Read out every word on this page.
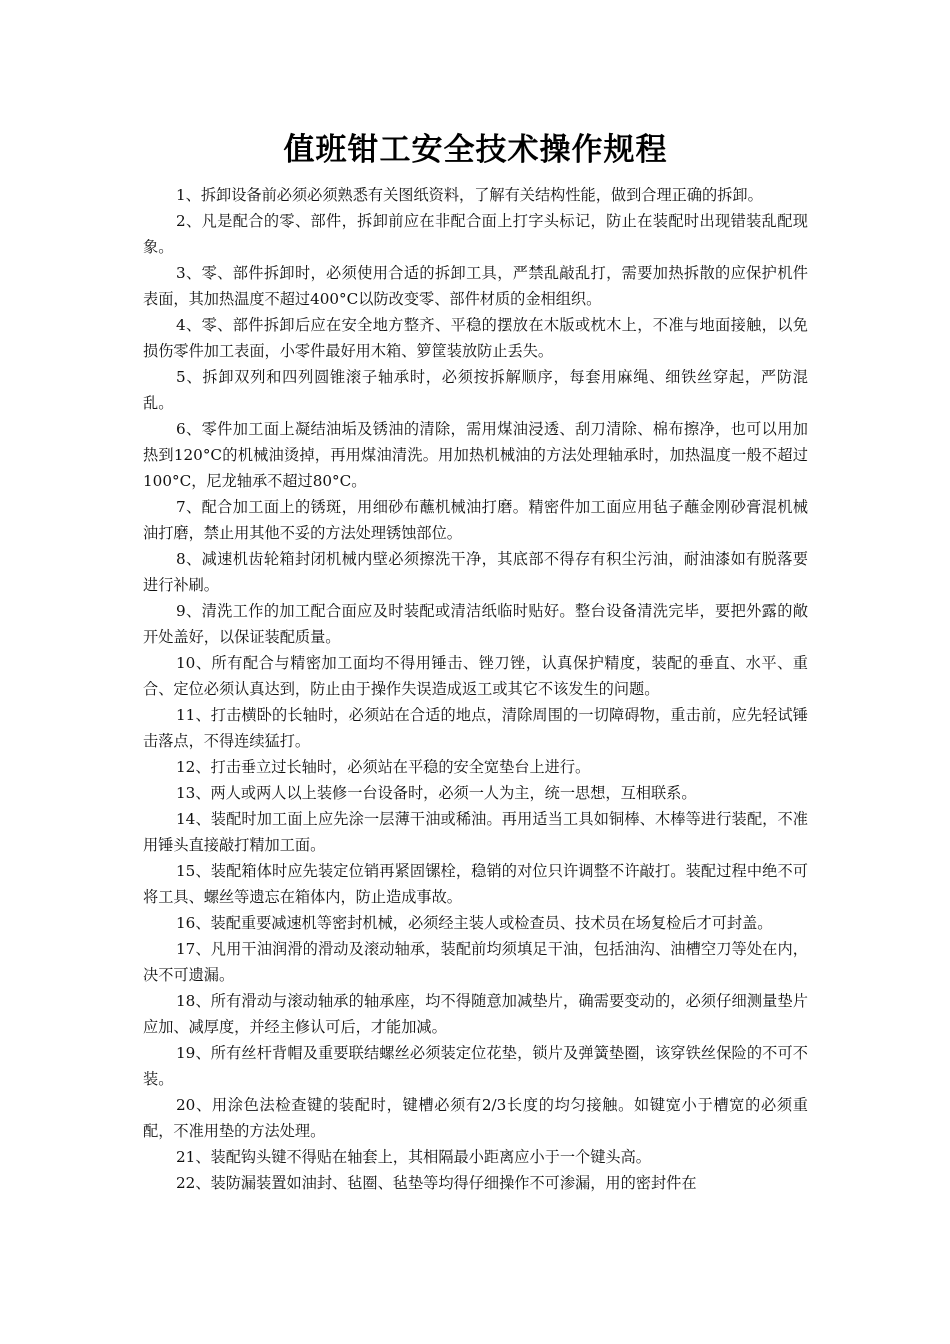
值班钳工安全技术操作规程

1、拆卸设备前必须必须熟悉有关图纸资料，了解有关结构性能，做到合理正确的拆卸。

2、凡是配合的零、部件，拆卸前应在非配合面上打字头标记，防止在装配时出现错装乱配现象。

3、零、部件拆卸时，必须使用合适的拆卸工具，严禁乱敲乱打，需要加热拆散的应保护机件表面，其加热温度不超过400°C以防改变零、部件材质的金相组织。

4、零、部件拆卸后应在安全地方整齐、平稳的摆放在木版或枕木上，不准与地面接触，以免损伤零件加工表面，小零件最好用木箱、箩筐装放防止丢失。

5、拆卸双列和四列圆锥滚子轴承时，必须按拆解顺序，每套用麻绳、细铁丝穿起，严防混乱。

6、零件加工面上凝结油垢及锈油的清除，需用煤油浸透、刮刀清除、棉布擦净，也可以用加热到120°C的机械油烫掉，再用煤油清洗。用加热机械油的方法处理轴承时，加热温度一般不超过100°C，尼龙轴承不超过80°C。

7、配合加工面上的锈斑，用细砂布蘸机械油打磨。精密件加工面应用毡子蘸金刚砂膏混机械油打磨，禁止用其他不妥的方法处理锈蚀部位。

8、减速机齿轮箱封闭机械内壁必须擦洗干净，其底部不得存有积尘污油，耐油漆如有脱落要进行补刷。

9、清洗工作的加工配合面应及时装配或清洁纸临时贴好。整台设备清洗完毕，要把外露的敞开处盖好，以保证装配质量。

10、所有配合与精密加工面均不得用锤击、锉刀锉，认真保护精度，装配的垂直、水平、重合、定位必须认真达到，防止由于操作失误造成返工或其它不该发生的问题。

11、打击横卧的长轴时，必须站在合适的地点，清除周围的一切障碍物，重击前，应先轻试锤击落点，不得连续猛打。

12、打击垂立过长轴时，必须站在平稳的安全宽垫台上进行。

13、两人或两人以上装修一台设备时，必须一人为主，统一思想，互相联系。

14、装配时加工面上应先涂一层薄干油或稀油。再用适当工具如铜棒、木棒等进行装配，不准用锤头直接敲打精加工面。

15、装配箱体时应先装定位销再紧固镙栓，稳销的对位只许调整不许敲打。装配过程中绝不可将工具、螺丝等遗忘在箱体内，防止造成事故。

16、装配重要减速机等密封机械，必须经主装人或检查员、技术员在场复检后才可封盖。

17、凡用干油润滑的滑动及滚动轴承，装配前均须填足干油，包括油沟、油槽空刀等处在内，决不可遗漏。

18、所有滑动与滚动轴承的轴承座，均不得随意加减垫片，确需要变动的，必须仔细测量垫片应加、减厚度，并经主修认可后，才能加减。

19、所有丝杆背帽及重要联结螺丝必须装定位花垫，锁片及弹簧垫圈，该穿铁丝保险的不可不装。

20、用涂色法检查键的装配时，键槽必须有2/3长度的均匀接触。如键宽小于槽宽的必须重配，不准用垫的方法处理。

21、装配钩头键不得贴在轴套上，其相隔最小距离应小于一个键头高。

22、装防漏装置如油封、毡圈、毡垫等均得仔细操作不可渗漏，用的密封件在
